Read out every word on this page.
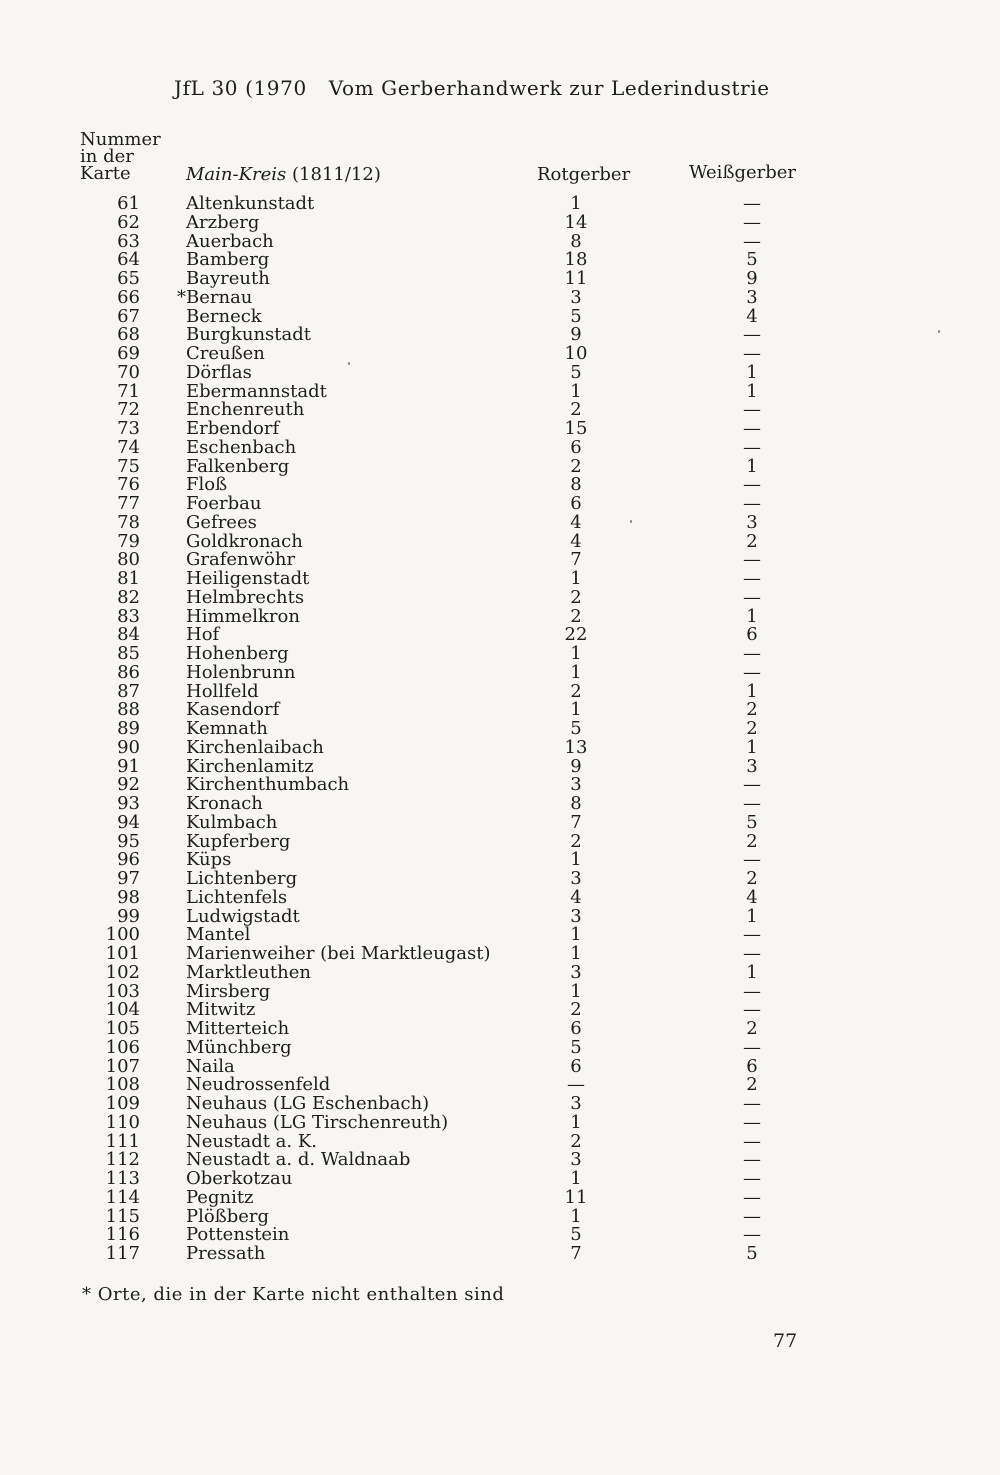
JfL 30 (1970 Vom Gerberhandwerk zur Lederindustrie
Nummer
in der
Karte	Main-Kreis (1811/12)	Rotgerber	Weißgerber
61	Altenkunstadt	1	—
62	Arzberg	14	—
63	Auerbach	8	—
64	Bamberg	18	5
65	Bayreuth	11	9
66 *Bernau	3	3
67	Berneck	5	4
68	Burgkunstadt	9	—
69	Creußen	10	—
70	Dörflas	5	1
71	Ebermannstadt	1	1
72	Enchenreuth	2	—
73	Erbendorf	15	—
74	Eschenbach	6	—
75	Falkenberg	2	1
76	Floß	8	—
77	Foerbau	6	—
78	Gefrees	4	3
79	Goldkronach	4	2
80	Grafenwöhr	7	—
81	Heiligenstadt	1	—
82	Helmbrechts	2	—
83	Himmelkron	2	1
84	Hof	22	6
85	Hohenberg	1	—
86	Holenbrunn	1	—
87	Hollfeld	2	1
88	Kasendorf	1	2
89	Kemnath	5	2
90	Kirchenlaibach	13	1
91	Kirchenlamitz	9	3
92	Kirchenthumbach	3	—
93	Kronach	8	—
94	Kulmbach	7	5
95	Kupferberg	2	2
96	Küps	1	—
97	Lichtenberg	3	2
98	Lichtenfels	4	4
99	Ludwigstadt	3	1
100	Mantel	1	—
101	Marienweiher (bei Marktleugast)	1	—
102	Marktleuthen	3	1
103	Mirsberg	1	—
104	Mitwitz	2	—
105	Mitterteich	6	2
106	Münchberg	5	—
107	Naila	6	6
108	Neudrossenfeld	—	2
109	Neuhaus (LG Eschenbach)	3	—
110	Neuhaus (LG Tirschenreuth)	1	—
111	Neustadt a. K.	2	—
112	Neustadt a. d. Waldnaab	3	—
113	Oberkotzau	1	—
114	Pegnitz	11	—
115	Plößberg	1	—
116	Pottenstein	5	—
117	Pressath	7	5
* Orte, die in der Karte nicht enthalten sind
77
